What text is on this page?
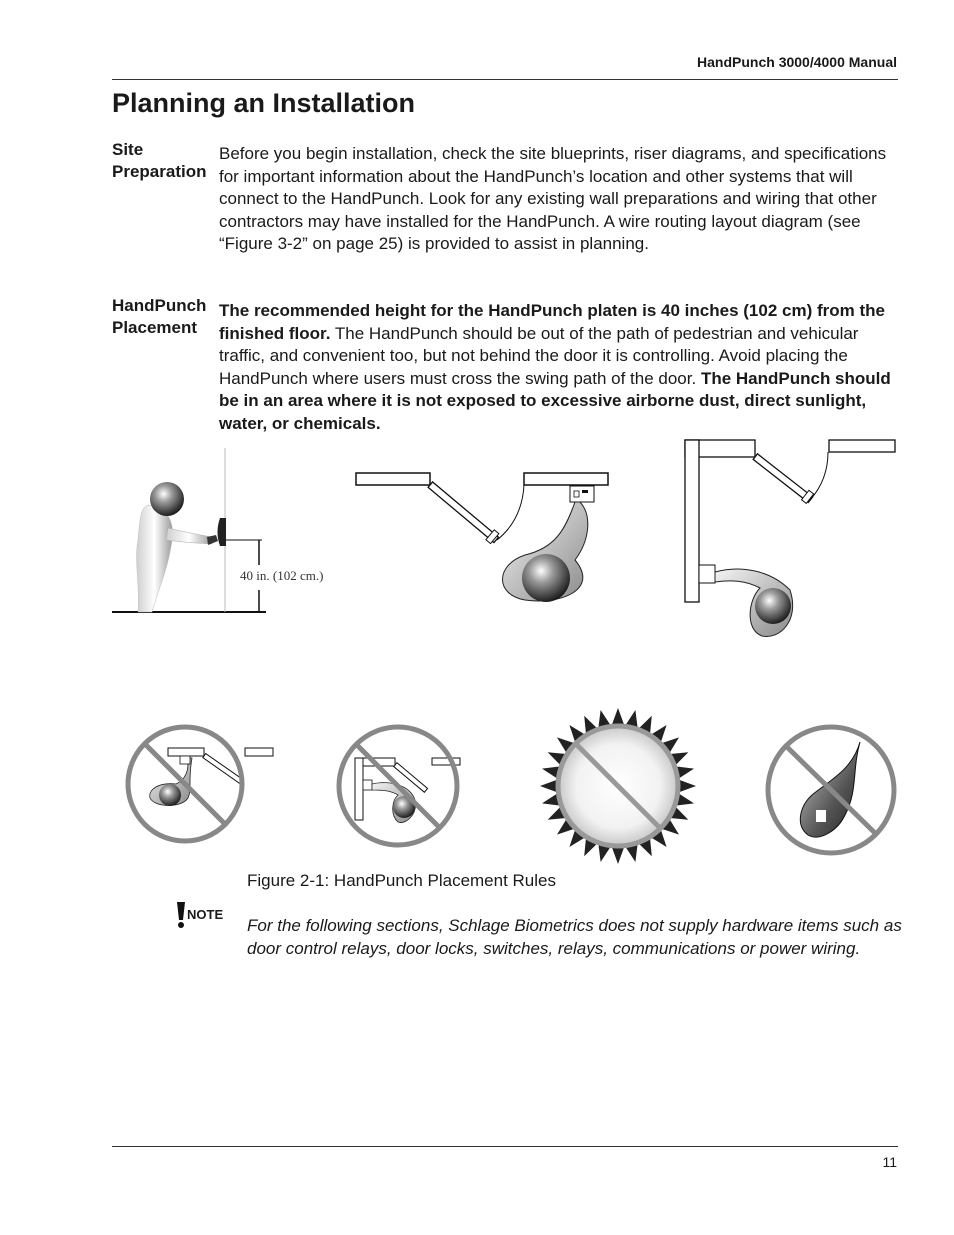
HandPunch 3000/4000 Manual
Planning an Installation
Site
Preparation
Before you begin installation, check the site blueprints, riser diagrams, and specifications for important information about the HandPunch’s location and other systems that will connect to the HandPunch. Look for any existing wall preparations and wiring that other contractors may have installed for the HandPunch. A wire routing layout diagram (see “Figure 3-2” on page 25) is provided to assist in planning.
HandPunch
Placement
The recommended height for the HandPunch platen is 40 inches (102 cm) from the finished floor. The HandPunch should be out of the path of pedestrian and vehicular traffic, and convenient too, but not behind the door it is controlling. Avoid placing the HandPunch where users must cross the swing path of the door. The HandPunch should be in an area where it is not exposed to excessive airborne dust, direct sunlight, water, or chemicals.
40 in. (102 cm.)
Figure 2-1: HandPunch Placement Rules
NOTE
For the following sections, Schlage Biometrics does not supply hardware items such as door control relays, door locks, switches, relays, communications or power wiring.
11
